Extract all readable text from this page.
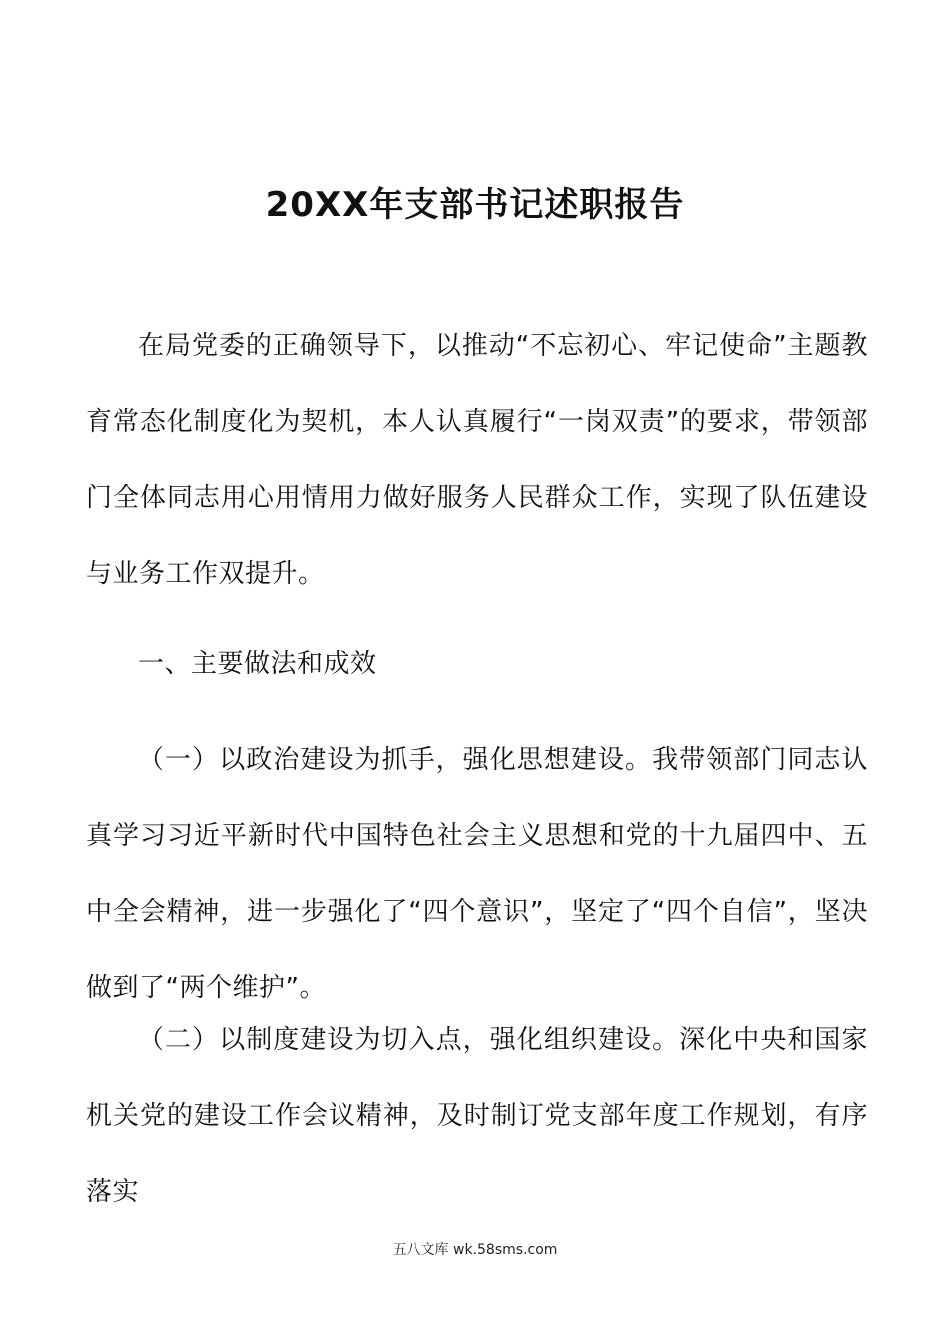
20XX年支部书记述职报告
在局党委的正确领导下，以推动“不忘初心、牢记使命”主题教育常态化制度化为契机，本人认真履行“一岗双责”的要求，带领部门全体同志用心用情用力做好服务人民群众工作，实现了队伍建设与业务工作双提升。
一、主要做法和成效
（一）以政治建设为抓手，强化思想建设。我带领部门同志认真学习习近平新时代中国特色社会主义思想和党的十九届四中、五中全会精神，进一步强化了“四个意识”，坚定了“四个自信”，坚决做到了“两个维护”。
（二）以制度建设为切入点，强化组织建设。深化中央和国家机关党的建设工作会议精神，及时制订党支部年度工作规划，有序落实
五八文库 wk.58sms.com
